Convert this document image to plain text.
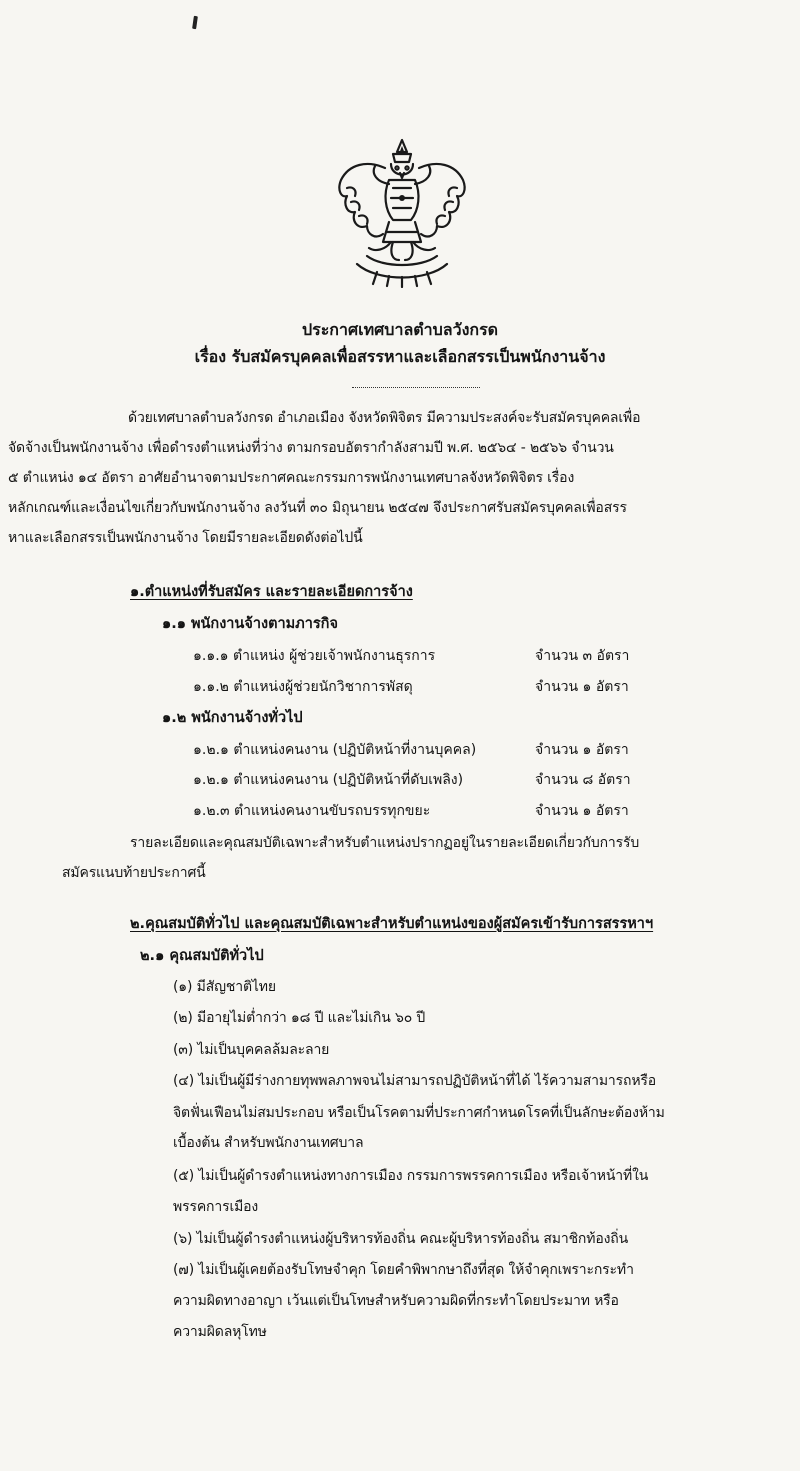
ประกาศเทศบาลตำบลวังกรด
เรื่อง รับสมัครบุคคลเพื่อสรรหาและเลือกสรรเป็นพนักงานจ้าง
ด้วยเทศบาลตำบลวังกรด อำเภอเมือง จังหวัดพิจิตร มีความประสงค์จะรับสมัครบุคคลเพื่อ
จัดจ้างเป็นพนักงานจ้าง เพื่อดำรงตำแหน่งที่ว่าง ตามกรอบอัตรากำลังสามปี พ.ศ. ๒๕๖๔ - ๒๕๖๖ จำนวน
๕ ตำแหน่ง ๑๔ อัตรา อาศัยอำนาจตามประกาศคณะกรรมการพนักงานเทศบาลจังหวัดพิจิตร เรื่อง
หลักเกณฑ์และเงื่อนไขเกี่ยวกับพนักงานจ้าง ลงวันที่ ๓๐ มิถุนายน ๒๕๔๗ จึงประกาศรับสมัครบุคคลเพื่อสรร
หาและเลือกสรรเป็นพนักงานจ้าง โดยมีรายละเอียดดังต่อไปนี้
๑.ตำแหน่งที่รับสมัคร และรายละเอียดการจ้าง
๑.๑ พนักงานจ้างตามภารกิจ
๑.๑.๑ ตำแหน่ง ผู้ช่วยเจ้าพนักงานธุรการ	จำนวน ๓ อัตรา
๑.๑.๒ ตำแหน่งผู้ช่วยนักวิชาการพัสดุ	จำนวน ๑ อัตรา
๑.๒ พนักงานจ้างทั่วไป
๑.๒.๑ ตำแหน่งคนงาน (ปฏิบัติหน้าที่งานบุคคล)	จำนวน ๑ อัตรา
๑.๒.๑ ตำแหน่งคนงาน (ปฏิบัติหน้าที่ดับเพลิง)	จำนวน ๘ อัตรา
๑.๒.๓ ตำแหน่งคนงานขับรถบรรทุกขยะ	จำนวน ๑ อัตรา
รายละเอียดและคุณสมบัติเฉพาะสำหรับตำแหน่งปรากฏอยู่ในรายละเอียดเกี่ยวกับการรับ
สมัครแนบท้ายประกาศนี้
๒.คุณสมบัติทั่วไป และคุณสมบัติเฉพาะสำหรับตำแหน่งของผู้สมัครเข้ารับการสรรหาฯ
๒.๑ คุณสมบัติทั่วไป
(๑) มีสัญชาติไทย
(๒) มีอายุไม่ต่ำกว่า ๑๘ ปี และไม่เกิน ๖๐ ปี
(๓) ไม่เป็นบุคคลล้มละลาย
(๔) ไม่เป็นผู้มีร่างกายทุพพลภาพจนไม่สามารถปฏิบัติหน้าที่ได้ ไร้ความสามารถหรือ
จิตฟั่นเฟือนไม่สมประกอบ หรือเป็นโรคตามที่ประกาศกำหนดโรคที่เป็นลักษะต้องห้าม
เบื้องต้น สำหรับพนักงานเทศบาล
(๕) ไม่เป็นผู้ดำรงตำแหน่งทางการเมือง กรรมการพรรคการเมือง หรือเจ้าหน้าที่ใน
พรรคการเมือง
(๖) ไม่เป็นผู้ดำรงตำแหน่งผู้บริหารท้องถิ่น คณะผู้บริหารท้องถิ่น สมาชิกท้องถิ่น
(๗) ไม่เป็นผู้เคยต้องรับโทษจำคุก โดยคำพิพากษาถึงที่สุด ให้จำคุกเพราะกระทำ
ความผิดทางอาญา เว้นแต่เป็นโทษสำหรับความผิดที่กระทำโดยประมาท หรือ
ความผิดลหุโทษ
